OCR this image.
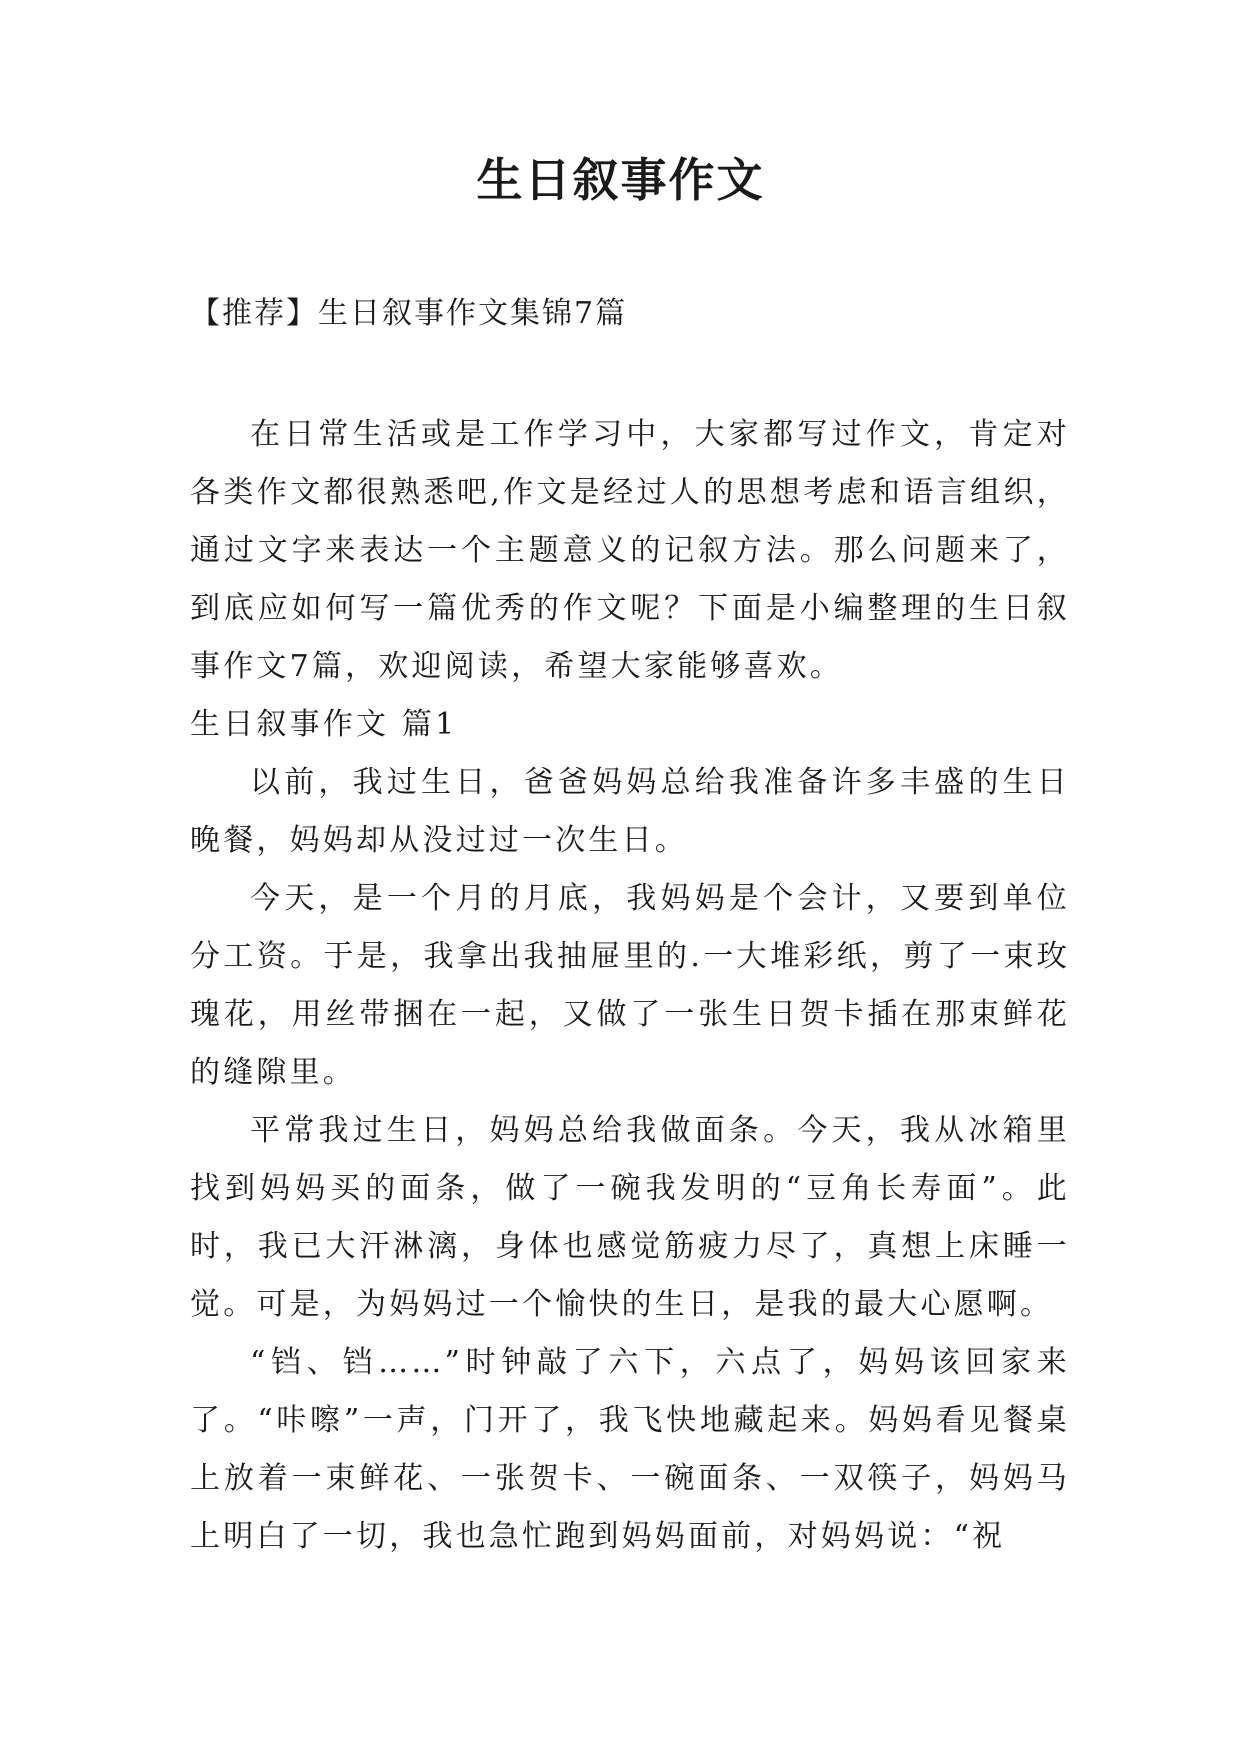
生日叙事作文
【推荐】生日叙事作文集锦7篇

在日常生活或是工作学习中，大家都写过作文，肯定对各类作文都很熟悉吧,作文是经过人的思想考虑和语言组织，通过文字来表达一个主题意义的记叙方法。那么问题来了，到底应如何写一篇优秀的作文呢？下面是小编整理的生日叙事作文7篇，欢迎阅读，希望大家能够喜欢。

生日叙事作文 篇1

以前，我过生日，爸爸妈妈总给我准备许多丰盛的生日晚餐，妈妈却从没过过一次生日。

今天，是一个月的月底，我妈妈是个会计，又要到单位分工资。于是，我拿出我抽屉里的.一大堆彩纸，剪了一束玫瑰花，用丝带捆在一起，又做了一张生日贺卡插在那束鲜花的缝隙里。

平常我过生日，妈妈总给我做面条。今天，我从冰箱里找到妈妈买的面条，做了一碗我发明的“豆角长寿面”。此时，我已大汗淋漓，身体也感觉筋疲力尽了，真想上床睡一觉。可是，为妈妈过一个愉快的生日，是我的最大心愿啊。

“铛、铛……”时钟敲了六下，六点了，妈妈该回家来了。“咔嚓”一声，门开了，我飞快地藏起来。妈妈看见餐桌上放着一束鲜花、一张贺卡、一碗面条、一双筷子，妈妈马上明白了一切，我也急忙跑到妈妈面前，对妈妈说：“祝
